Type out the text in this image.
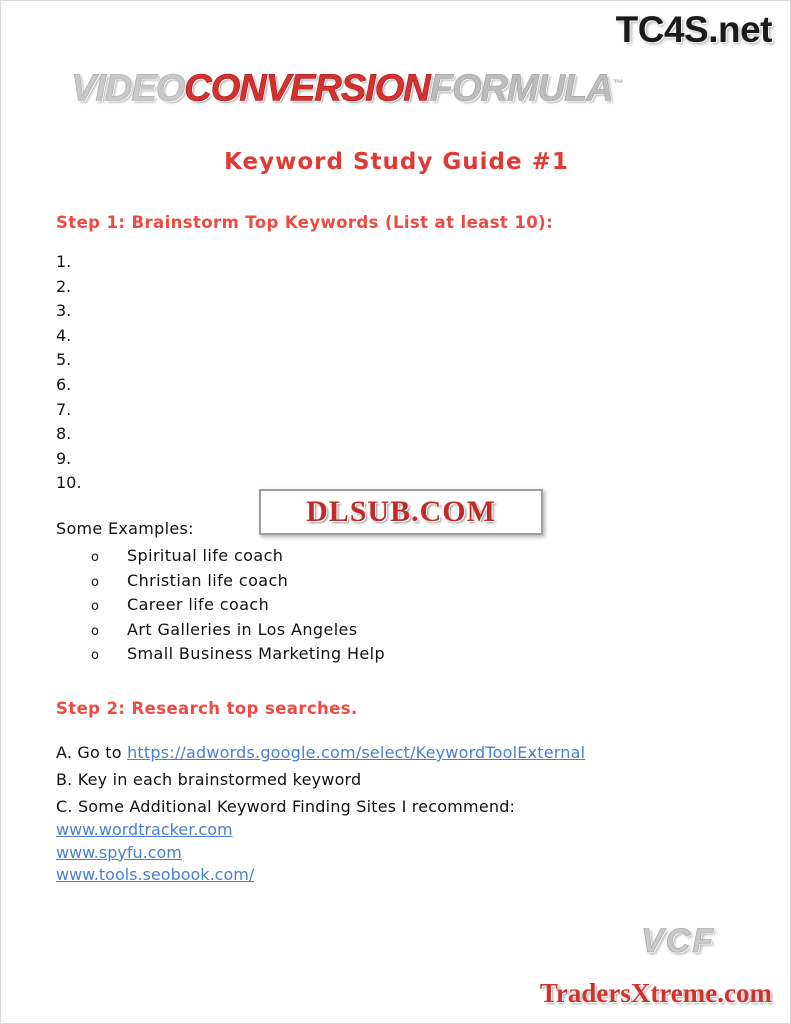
TC4S.net
VIDEOCONVERSIONFORMULA™
Keyword Study Guide #1
Step 1: Brainstorm Top Keywords (List at least 10):
1.
2.
3.
4.
5.
6.
7.
8.
9.
10.
DLSUB.COM
Some Examples:
o	Spiritual life coach
o	Christian life coach
o	Career life coach
o	Art Galleries in Los Angeles
o	Small Business Marketing Help
Step 2: Research top searches.
A. Go to https://adwords.google.com/select/KeywordToolExternal
B. Key in each brainstormed keyword
C. Some Additional Keyword Finding Sites I recommend:
www.wordtracker.com
www.spyfu.com
www.tools.seobook.com/
VCF
TradersXtreme.com
